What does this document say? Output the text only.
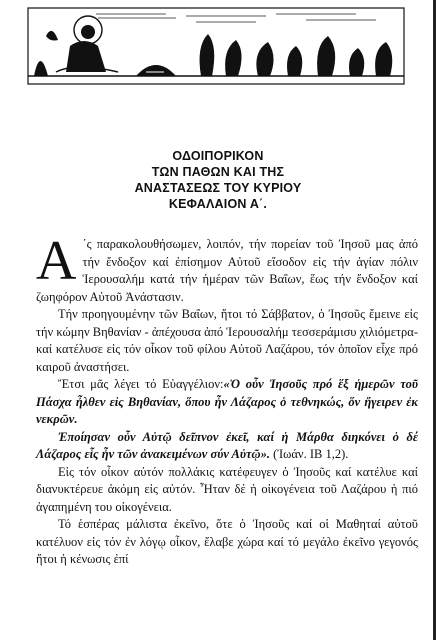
ΟΔΟΙΠΟΡΙΚΟΝ
ΤΩΝ ΠΑΘΩΝ ΚΑΙ ΤΗΣ
ΑΝΑΣΤΑΣΕΩΣ ΤΟΥ ΚΥΡΙΟΥ
ΚΕΦΑΛΑΙΟΝ Α΄.

Α ΄ς παρακολουθήσωμεν, λοιπόν, τήν πορείαν τοῦ Ἰησοῦ μας ἀπό τήν ἔνδοξον καί ἐπίσημον Αὐτοῦ εἴσοδον εἰς τήν ἁγίαν πόλιν Ἱερουσαλήμ κατά τήν ἡμέραν τῶν Βαΐων, ἕως τήν ἔνδοξον καί ζωηφόρον Αὐτοῦ Ἀνάστασιν.

Τήν προηγουμένην τῶν Βαΐων, ἤτοι τό Σάββατον, ὁ Ἰησοῦς ἔμεινε εἰς τήν κώμην Βηθανίαν - ἀπέχουσα ἀπό Ἱερουσαλήμ τεσσεράμισυ χιλιόμετρα- καί κατέλυσε εἰς τόν οἶκον τοῦ φίλου Αὐτοῦ Λαζάρου, τόν ὁποῖον εἶχε πρό καιροῦ ἀναστήσει.

Ἔτσι μᾶς λέγει τό Εὐαγγέλιον:«Ὁ οὖν Ἰησοῦς πρό ἕξ ἡμερῶν τοῦ Πάσχα ἦλθεν εἰς Βηθανίαν, ὅπου ἦν Λάζαρος ὁ τεθνηκώς, ὅν ἤγειρεν ἐκ νεκρῶν.

Ἐποίησαν οὖν Αὐτῷ δεῖπνον ἐκεῖ, καί ἡ Μάρθα διηκόνει ὁ δέ Λάζαρος εἷς ἦν τῶν ἀνακειμένων σύν Αὐτῷ». (Ἰωάν. ΙΒ 1,2).

Εἰς τόν οἶκον αὐτόν πολλάκις κατέφευγεν ὁ Ἰησοῦς καί κατέλυε καί διανυκτέρευε ἀκόμη εἰς αὐτόν. Ἦταν δέ ἡ οἰκογένεια τοῦ Λαζάρου ἡ πιό ἀγαπημένη του οἰκογένεια.

Τό ἑσπέρας μάλιστα ἐκεῖνο, ὅτε ὁ Ἰησοῦς καί οἱ Μαθηταί αὐτοῦ κατέλυον εἰς τόν ἐν λόγῳ οἶκον, ἔλαβε χώρα καί τό μεγάλο ἐκεῖνο γεγονός ἤτοι ἡ κένωσις ἐπί
